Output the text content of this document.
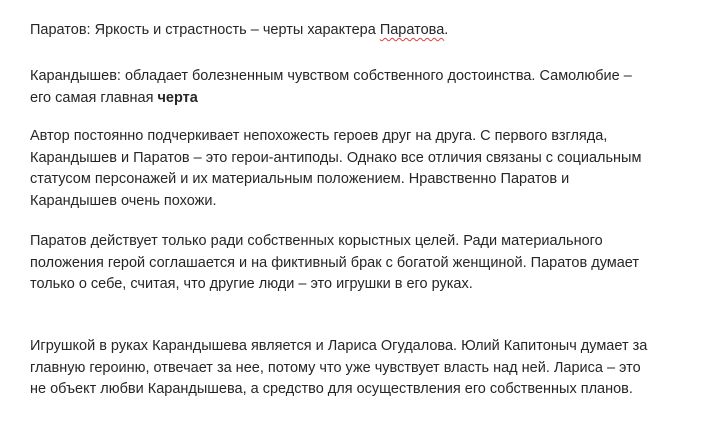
Паратов: Яркость и страстность – черты характера Паратова.

Карандышев: обладает болезненным чувством собственного достоинства. Самолюбие –
его самая главная черта

Автор постоянно подчеркивает непохожесть героев друг на друга. С первого взгляда,
Карандышев и Паратов – это герои-антиподы. Однако все отличия связаны с социальным
статусом персонажей и их материальным положением. Нравственно Паратов и
Карандышев очень похожи.

Паратов действует только ради собственных корыстных целей. Ради материального
положения герой соглашается и на фиктивный брак с богатой женщиной. Паратов думает
только о себе, считая, что другие люди – это игрушки в его руках.

Игрушкой в руках Карандышева является и Лариса Огудалова. Юлий Капитоныч думает за
главную героиню, отвечает за нее, потому что уже чувствует власть над ней. Лариса – это
не объект любви Карандышева, а средство для осуществления его собственных планов.
